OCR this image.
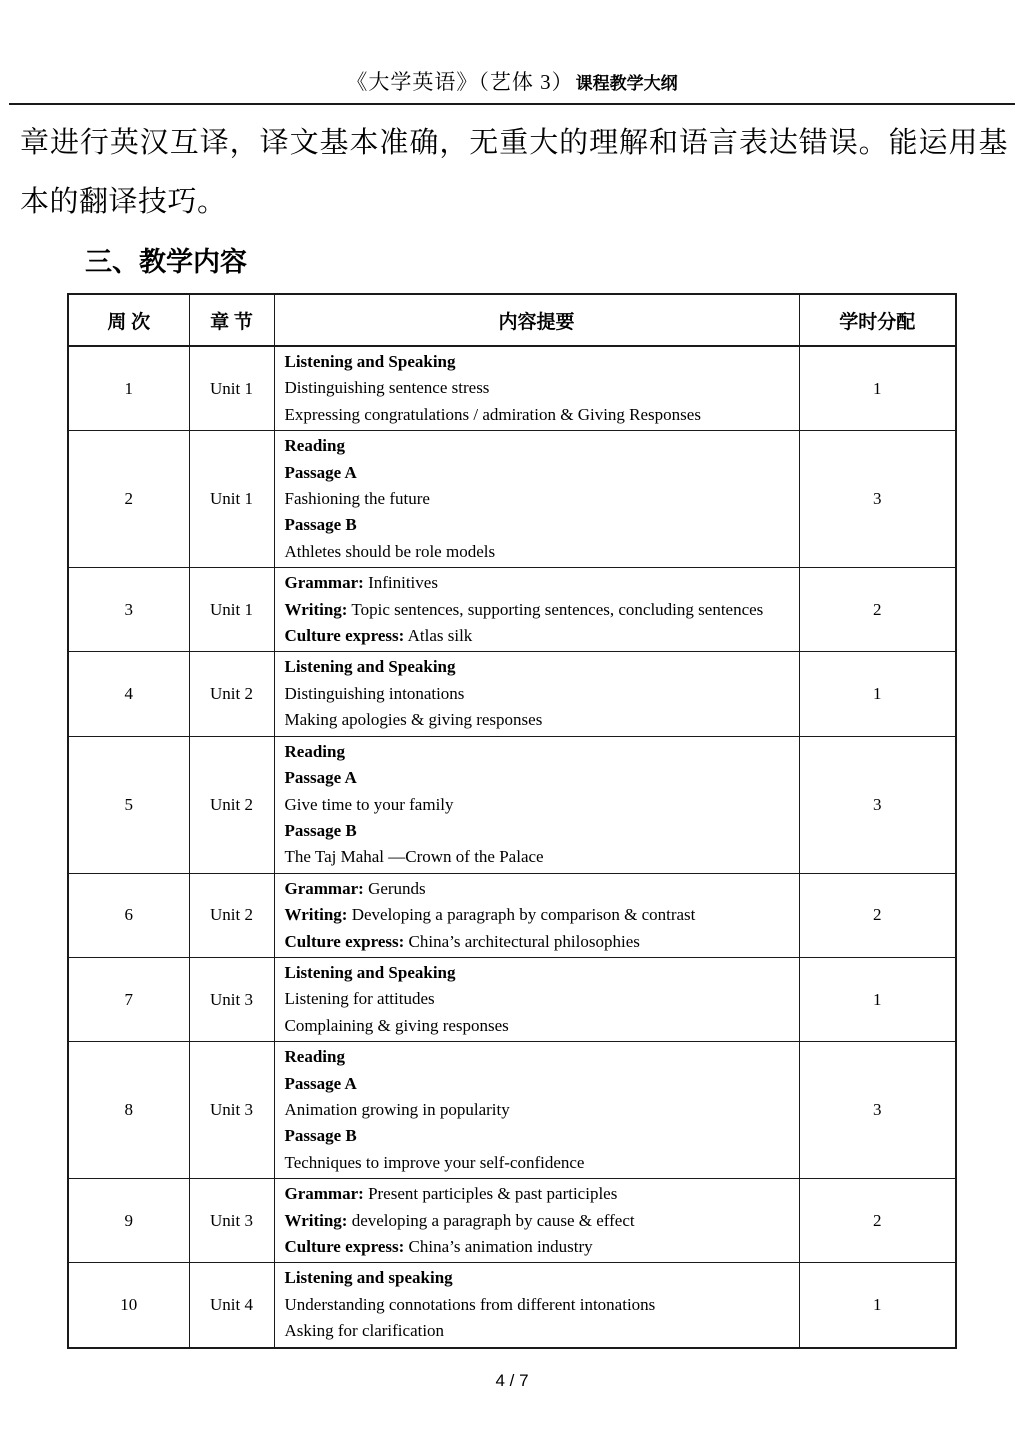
《大学英语》（艺体 3） 课程教学大纲

章进行英汉互译，译文基本准确，无重大的理解和语言表达错误。能运用基本的翻译技巧。

三、教学内容
周 次	章 节	内容提要	学时分配
1	Unit 1	Listening and Speaking
Distinguishing sentence stress
Expressing congratulations / admiration & Giving Responses	1
2	Unit 1	Reading
Passage A
Fashioning the future
Passage B
Athletes should be role models	3
3	Unit 1	Grammar: Infinitives
Writing: Topic sentences, supporting sentences, concluding sentences
Culture express: Atlas silk	2
4	Unit 2	Listening and Speaking
Distinguishing intonations
Making apologies & giving responses	1
5	Unit 2	Reading
Passage A
Give time to your family
Passage B
The Taj Mahal —Crown of the Palace	3
6	Unit 2	Grammar: Gerunds
Writing: Developing a paragraph by comparison & contrast
Culture express: China’s architectural philosophies	2
7	Unit 3	Listening and Speaking
Listening for attitudes
Complaining & giving responses	1
8	Unit 3	Reading
Passage A
Animation growing in popularity
Passage B
Techniques to improve your self-confidence	3
9	Unit 3	Grammar: Present participles & past participles
Writing: developing a paragraph by cause & effect
Culture express: China’s animation industry	2
10	Unit 4	Listening and speaking
Understanding connotations from different intonations
Asking for clarification	1
4 / 7
